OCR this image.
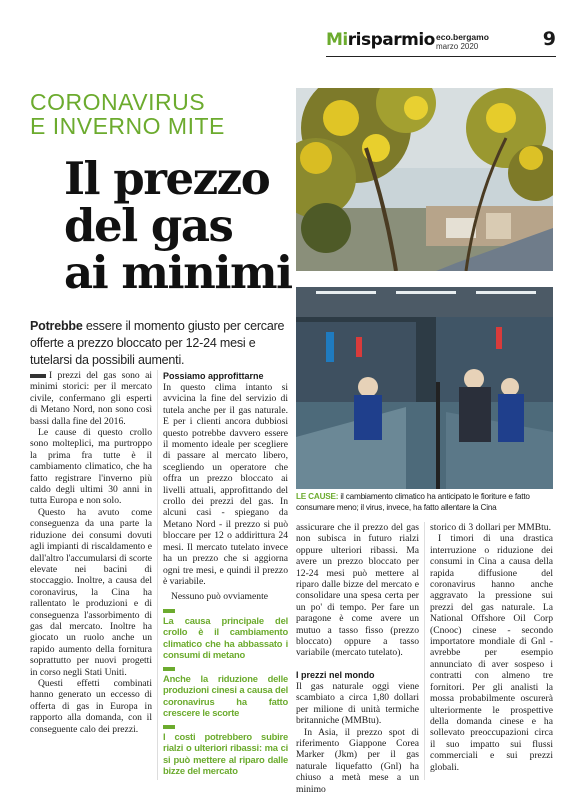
Mirisparmio eco.bergamo
marzo 2020	9
CORONAVIRUS
E INVERNO MITE
Il prezzo
del gas
ai minimi
Potrebbe essere il momento giusto per cercare offerte a prezzo bloccato per 12-24 mesi e tutelarsi da possibili aumenti.
LE CAUSE: il cambiamento climatico ha anticipato le fioriture e fatto consumare meno; il virus, invece, ha fatto allentare la Cina

I prezzi del gas sono ai minimi storici: per il mercato civile, confermano gli esperti di Metano Nord, non sono così bassi dalla fine del 2016.

Le cause di questo crollo sono molteplici, ma purtroppo la prima fra tutte è il cambiamento climatico, che ha fatto registrare l'inverno più caldo degli ultimi 30 anni in tutta Europa e non solo.

Questo ha avuto come conseguenza da una parte la riduzione dei consumi dovuti agli impianti di riscaldamento e dall'altro l'accumularsi di scorte elevate nei bacini di stoccaggio. Inoltre, a causa del coronavirus, la Cina ha rallentato le produzioni e di conseguenza l'assorbimento di gas dal mercato. Inoltre ha giocato un ruolo anche un rapido aumento della fornitura soprattutto per nuovi progetti in corso negli Stati Uniti.

Questi effetti combinati hanno generato un eccesso di offerta di gas in Europa in rapporto alla domanda, con il conseguente calo dei prezzi.

Possiamo approfittarne

In questo clima intanto si avvicina la fine del servizio di tutela anche per il gas naturale. E per i clienti ancora dubbiosi questo potrebbe davvero essere il momento ideale per scegliere di passare al mercato libero, scegliendo un operatore che offra un prezzo bloccato ai livelli attuali, approfittando del crollo dei prezzi del gas. In alcuni casi - spiegano da Metano Nord - il prezzo si può bloccare per 12 o addirittura 24 mesi. Il mercato tutelato invece ha un prezzo che si aggiorna ogni tre mesi, e quindi il prezzo è variabile.

Nessuno può ovviamente

La causa principale del crollo è il cambiamento climatico che ha abbassato i consumi di metano
Anche la riduzione delle produzioni cinesi a causa del coronavirus ha fatto crescere le scorte
I costi potrebbero subire rialzi o ulteriori ribassi: ma ci si può mettere al riparo dalle bizze del mercato

assicurare che il prezzo del gas non subisca in futuro rialzi oppure ulteriori ribassi. Ma avere un prezzo bloccato per 12-24 mesi può mettere al riparo dalle bizze del mercato e consolidare una spesa certa per un po' di tempo. Per fare un paragone è come avere un mutuo a tasso fisso (prezzo bloccato) oppure a tasso variabile (mercato tutelato).

I prezzi nel mondo

Il gas naturale oggi viene scambiato a circa 1,80 dollari per milione di unità termiche britanniche (MMBtu).

In Asia, il prezzo spot di riferimento Giappone Corea Marker (Jkm) per il gas naturale liquefatto (Gnl) ha chiuso a metà mese a un minimo

storico di 3 dollari per MMBtu.

I timori di una drastica interruzione o riduzione dei consumi in Cina a causa della rapida diffusione del coronavirus hanno anche aggravato la pressione sui prezzi del gas naturale. La National Offshore Oil Corp (Cnooc) cinese - secondo importatore mondiale di Gnl - avrebbe per esempio annunciato di aver sospeso i contratti con almeno tre fornitori. Per gli analisti la mossa probabilmente oscurerà ulteriormente le prospettive della domanda cinese e ha sollevato preoccupazioni circa il suo impatto sui flussi commerciali e sui prezzi globali.
